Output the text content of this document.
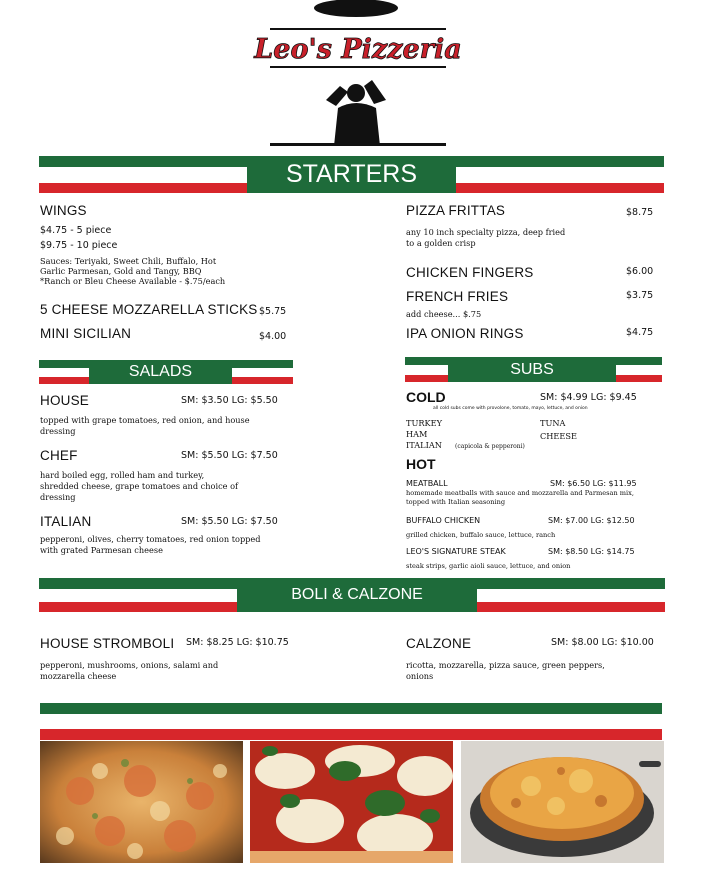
Leo's Pizzeria
STARTERS
WINGS
$4.75 - 5 piece
$9.75 - 10 piece
Sauces: Teriyaki, Sweet Chili, Buffalo, Hot
Garlic Parmesan, Gold and Tangy, BBQ
*Ranch or Bleu Cheese Available - $.75/each
5 CHEESE MOZZARELLA STICKS $5.75
MINI SICILIAN	$4.00
PIZZA FRITTAS	$8.75
any 10 inch specialty pizza, deep fried
to a golden crisp
CHICKEN FINGERS	$6.00
FRENCH FRIES	$3.75
add cheese... $.75
IPA ONION RINGS	$4.75
SALADS
HOUSE	SM: $3.50 LG: $5.50
topped with grape tomatoes, red onion, and house
dressing
CHEF	SM: $5.50 LG: $7.50
hard boiled egg, rolled ham and turkey,
shredded cheese, grape tomatoes and choice of
dressing
ITALIAN	SM: $5.50 LG: $7.50
pepperoni, olives, cherry tomatoes, red onion topped
with grated Parmesan cheese
SUBS
COLD	SM: $4.99 LG: $9.45
all cold subs come with provolone, tomato, mayo, lettuce, and onion
TURKEY
HAM
ITALIAN (capicola & pepperoni)
TUNA
CHEESE
HOT
MEATBALL	SM: $6.50 LG: $11.95
homemade meatballs with sauce and mozzarella and Parmesan mix,
topped with Italian seasoning
BUFFALO CHICKEN	SM: $7.00 LG: $12.50
grilled chicken, buffalo sauce, lettuce, ranch
LEO'S SIGNATURE STEAK	SM: $8.50 LG: $14.75
steak strips, garlic aioli sauce, lettuce, and onion
BOLI & CALZONE
HOUSE STROMBOLI SM: $8.25 LG: $10.75
pepperoni, mushrooms, onions, salami and
mozzarella cheese
CALZONE	SM: $8.00 LG: $10.00
ricotta, mozzarella, pizza sauce, green peppers,
onions
